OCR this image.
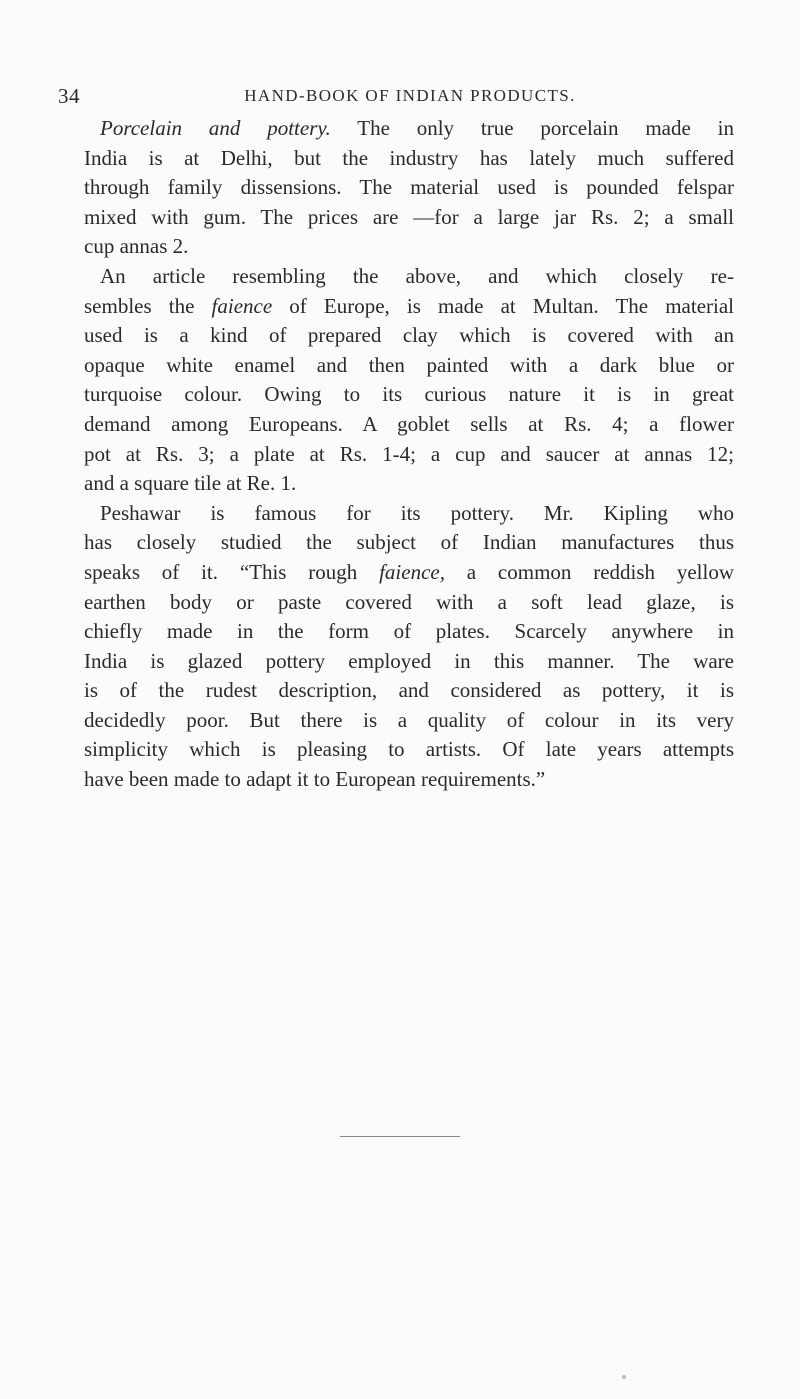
34	HAND-BOOK OF INDIAN PRODUCTS.
Porcelain and pottery. The only true porcelain made in
India is at Delhi, but the industry has lately much suffered
through family dissensions. The material used is pounded felspar
mixed with gum. The prices are —for a large jar Rs. 2; a small
cup annas 2.
An article resembling the above, and which closely re-
sembles the faience of Europe, is made at Multan. The material
used is a kind of prepared clay which is covered with an
opaque white enamel and then painted with a dark blue or
turquoise colour. Owing to its curious nature it is in great
demand among Europeans. A goblet sells at Rs. 4; a flower
pot at Rs. 3; a plate at Rs. 1-4; a cup and saucer at annas 12;
and a square tile at Re. 1.
Peshawar is famous for its pottery. Mr. Kipling who
has closely studied the subject of Indian manufactures thus
speaks of it. “This rough faience, a common reddish yellow
earthen body or paste covered with a soft lead glaze, is
chiefly made in the form of plates. Scarcely anywhere in
India is glazed pottery employed in this manner. The ware
is of the rudest description, and considered as pottery, it is
decidedly poor. But there is a quality of colour in its very
simplicity which is pleasing to artists. Of late years attempts
have been made to adapt it to European requirements.”
